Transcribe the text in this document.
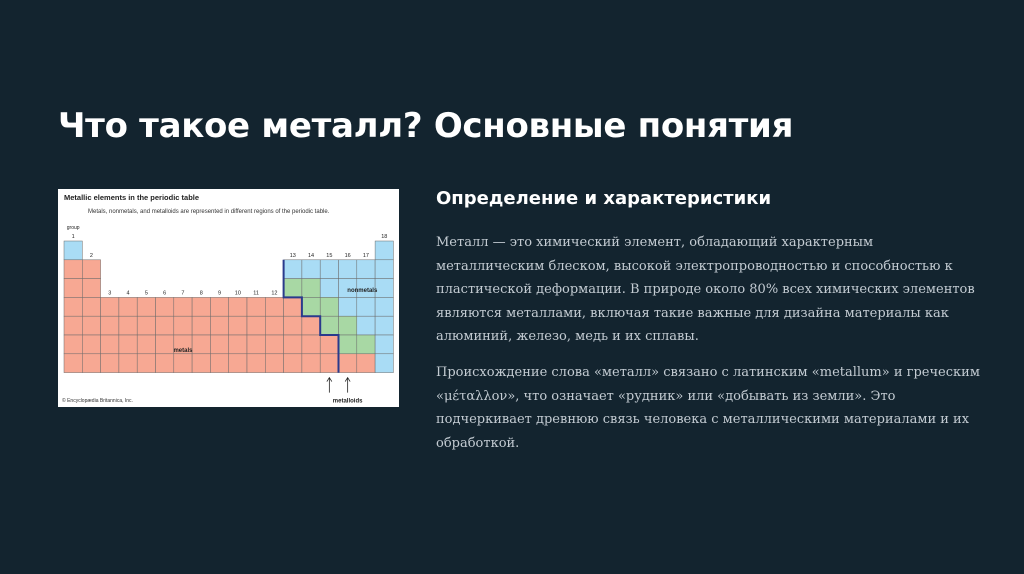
Что такое металл? Основные понятия
group
1
2
3	4	5	6	7	8	9 10 11 12
13 14 15 16 17
18
metals
nonmetals
metalloids
Metallic elements in the periodic table
Metals, nonmetals, and metalloids are represented in different regions of the periodic table.
© Encyclopædia Britannica, Inc.
Определение и характеристики

Металл — это химический элемент, обладающий характерным металлическим блеском, высокой электропроводностью и способностью к пластической деформации. В природе около 80% всех химических элементов являются металлами, включая такие важные для дизайна материалы как алюминий, железо, медь и их сплавы.

Происхождение слова «металл» связано с латинским «metallum» и греческим «μέταλλον», что означает «рудник» или «добывать из земли». Это подчеркивает древнюю связь человека с металлическими материалами и их обработкой.
